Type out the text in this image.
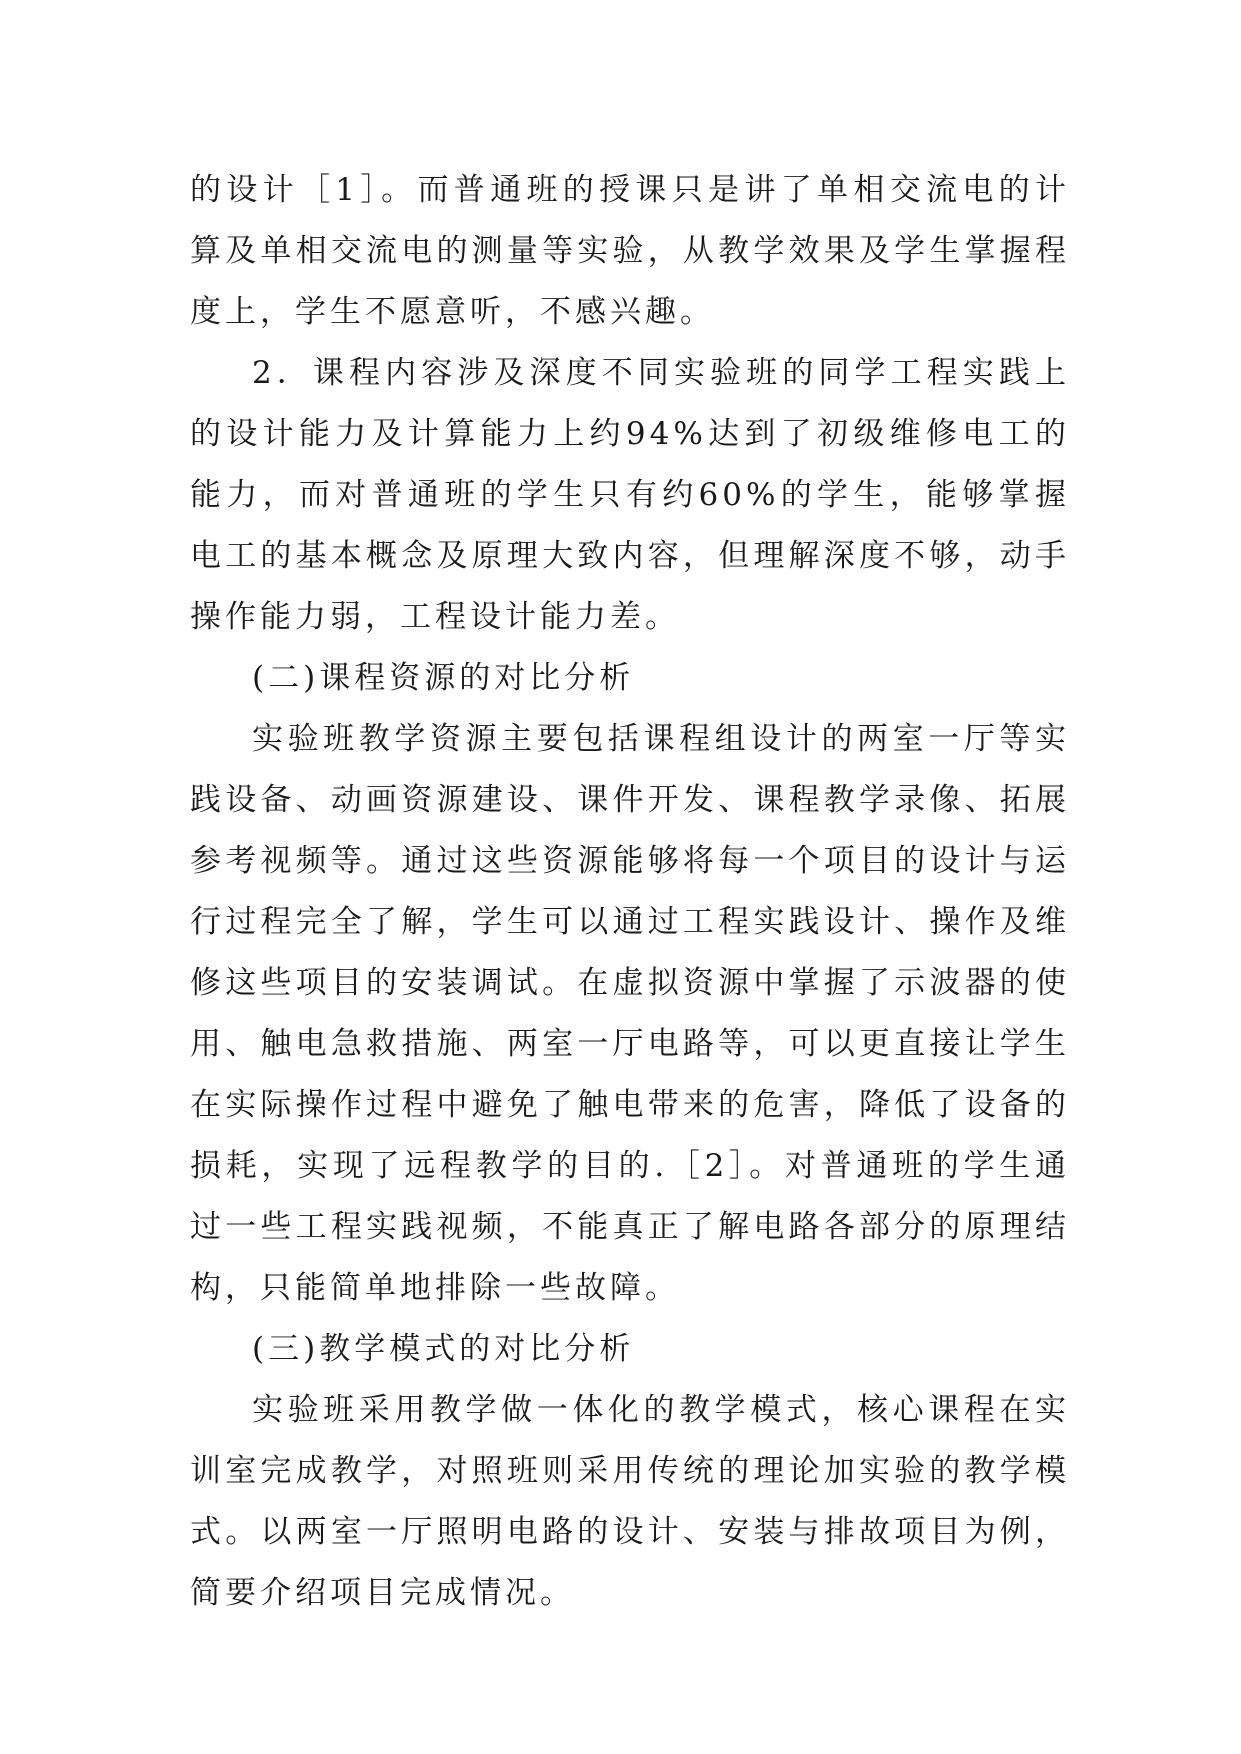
的设计［1］。而普通班的授课只是讲了单相交流电的计算及单相交流电的测量等实验，从教学效果及学生掌握程度上，学生不愿意听，不感兴趣。

2．课程内容涉及深度不同实验班的同学工程实践上的设计能力及计算能力上约94%达到了初级维修电工的能力，而对普通班的学生只有约60%的学生，能够掌握电工的基本概念及原理大致内容，但理解深度不够，动手操作能力弱，工程设计能力差。

(二)课程资源的对比分析

实验班教学资源主要包括课程组设计的两室一厅等实践设备、动画资源建设、课件开发、课程教学录像、拓展参考视频等。通过这些资源能够将每一个项目的设计与运行过程完全了解，学生可以通过工程实践设计、操作及维修这些项目的安装调试。在虚拟资源中掌握了示波器的使用、触电急救措施、两室一厅电路等，可以更直接让学生在实际操作过程中避免了触电带来的危害，降低了设备的损耗，实现了远程教学的目的.［2］。对普通班的学生通过一些工程实践视频，不能真正了解电路各部分的原理结构，只能简单地排除一些故障。

(三)教学模式的对比分析

实验班采用教学做一体化的教学模式，核心课程在实训室完成教学，对照班则采用传统的理论加实验的教学模式。以两室一厅照明电路的设计、安装与排故项目为例，简要介绍项目完成情况。
